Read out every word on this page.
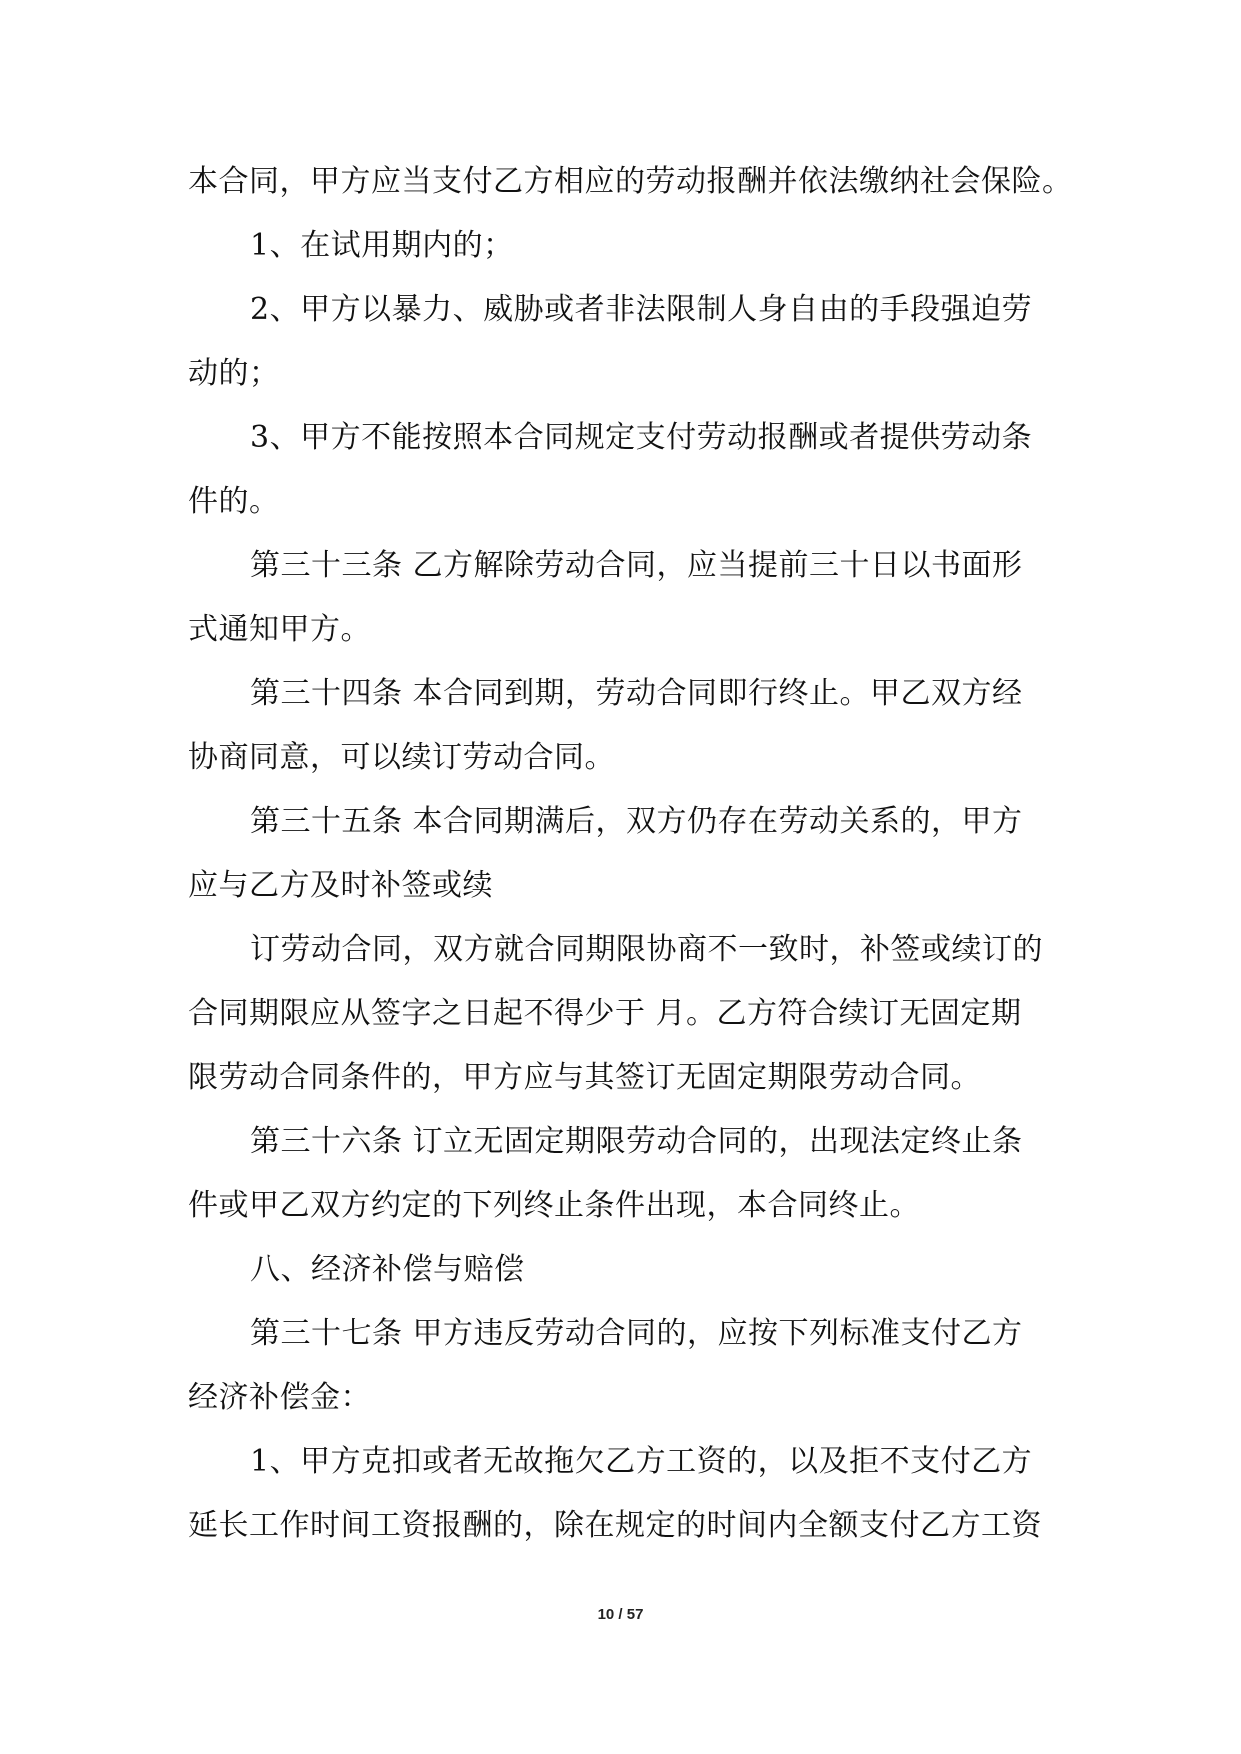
本合同，甲方应当支付乙方相应的劳动报酬并依法缴纳社会保险。
1、在试用期内的；
2、甲方以暴力、威胁或者非法限制人身自由的手段强迫劳
动的；
3、甲方不能按照本合同规定支付劳动报酬或者提供劳动条
件的。
第三十三条 乙方解除劳动合同，应当提前三十日以书面形
式通知甲方。
第三十四条 本合同到期，劳动合同即行终止。甲乙双方经
协商同意，可以续订劳动合同。
第三十五条 本合同期满后，双方仍存在劳动关系的，甲方
应与乙方及时补签或续
订劳动合同，双方就合同期限协商不一致时，补签或续订的
合同期限应从签字之日起不得少于 月。乙方符合续订无固定期
限劳动合同条件的，甲方应与其签订无固定期限劳动合同。
第三十六条 订立无固定期限劳动合同的，出现法定终止条
件或甲乙双方约定的下列终止条件出现，本合同终止。
八、经济补偿与赔偿
第三十七条 甲方违反劳动合同的，应按下列标准支付乙方
经济补偿金：
1、甲方克扣或者无故拖欠乙方工资的，以及拒不支付乙方
延长工作时间工资报酬的，除在规定的时间内全额支付乙方工资
10 / 57
